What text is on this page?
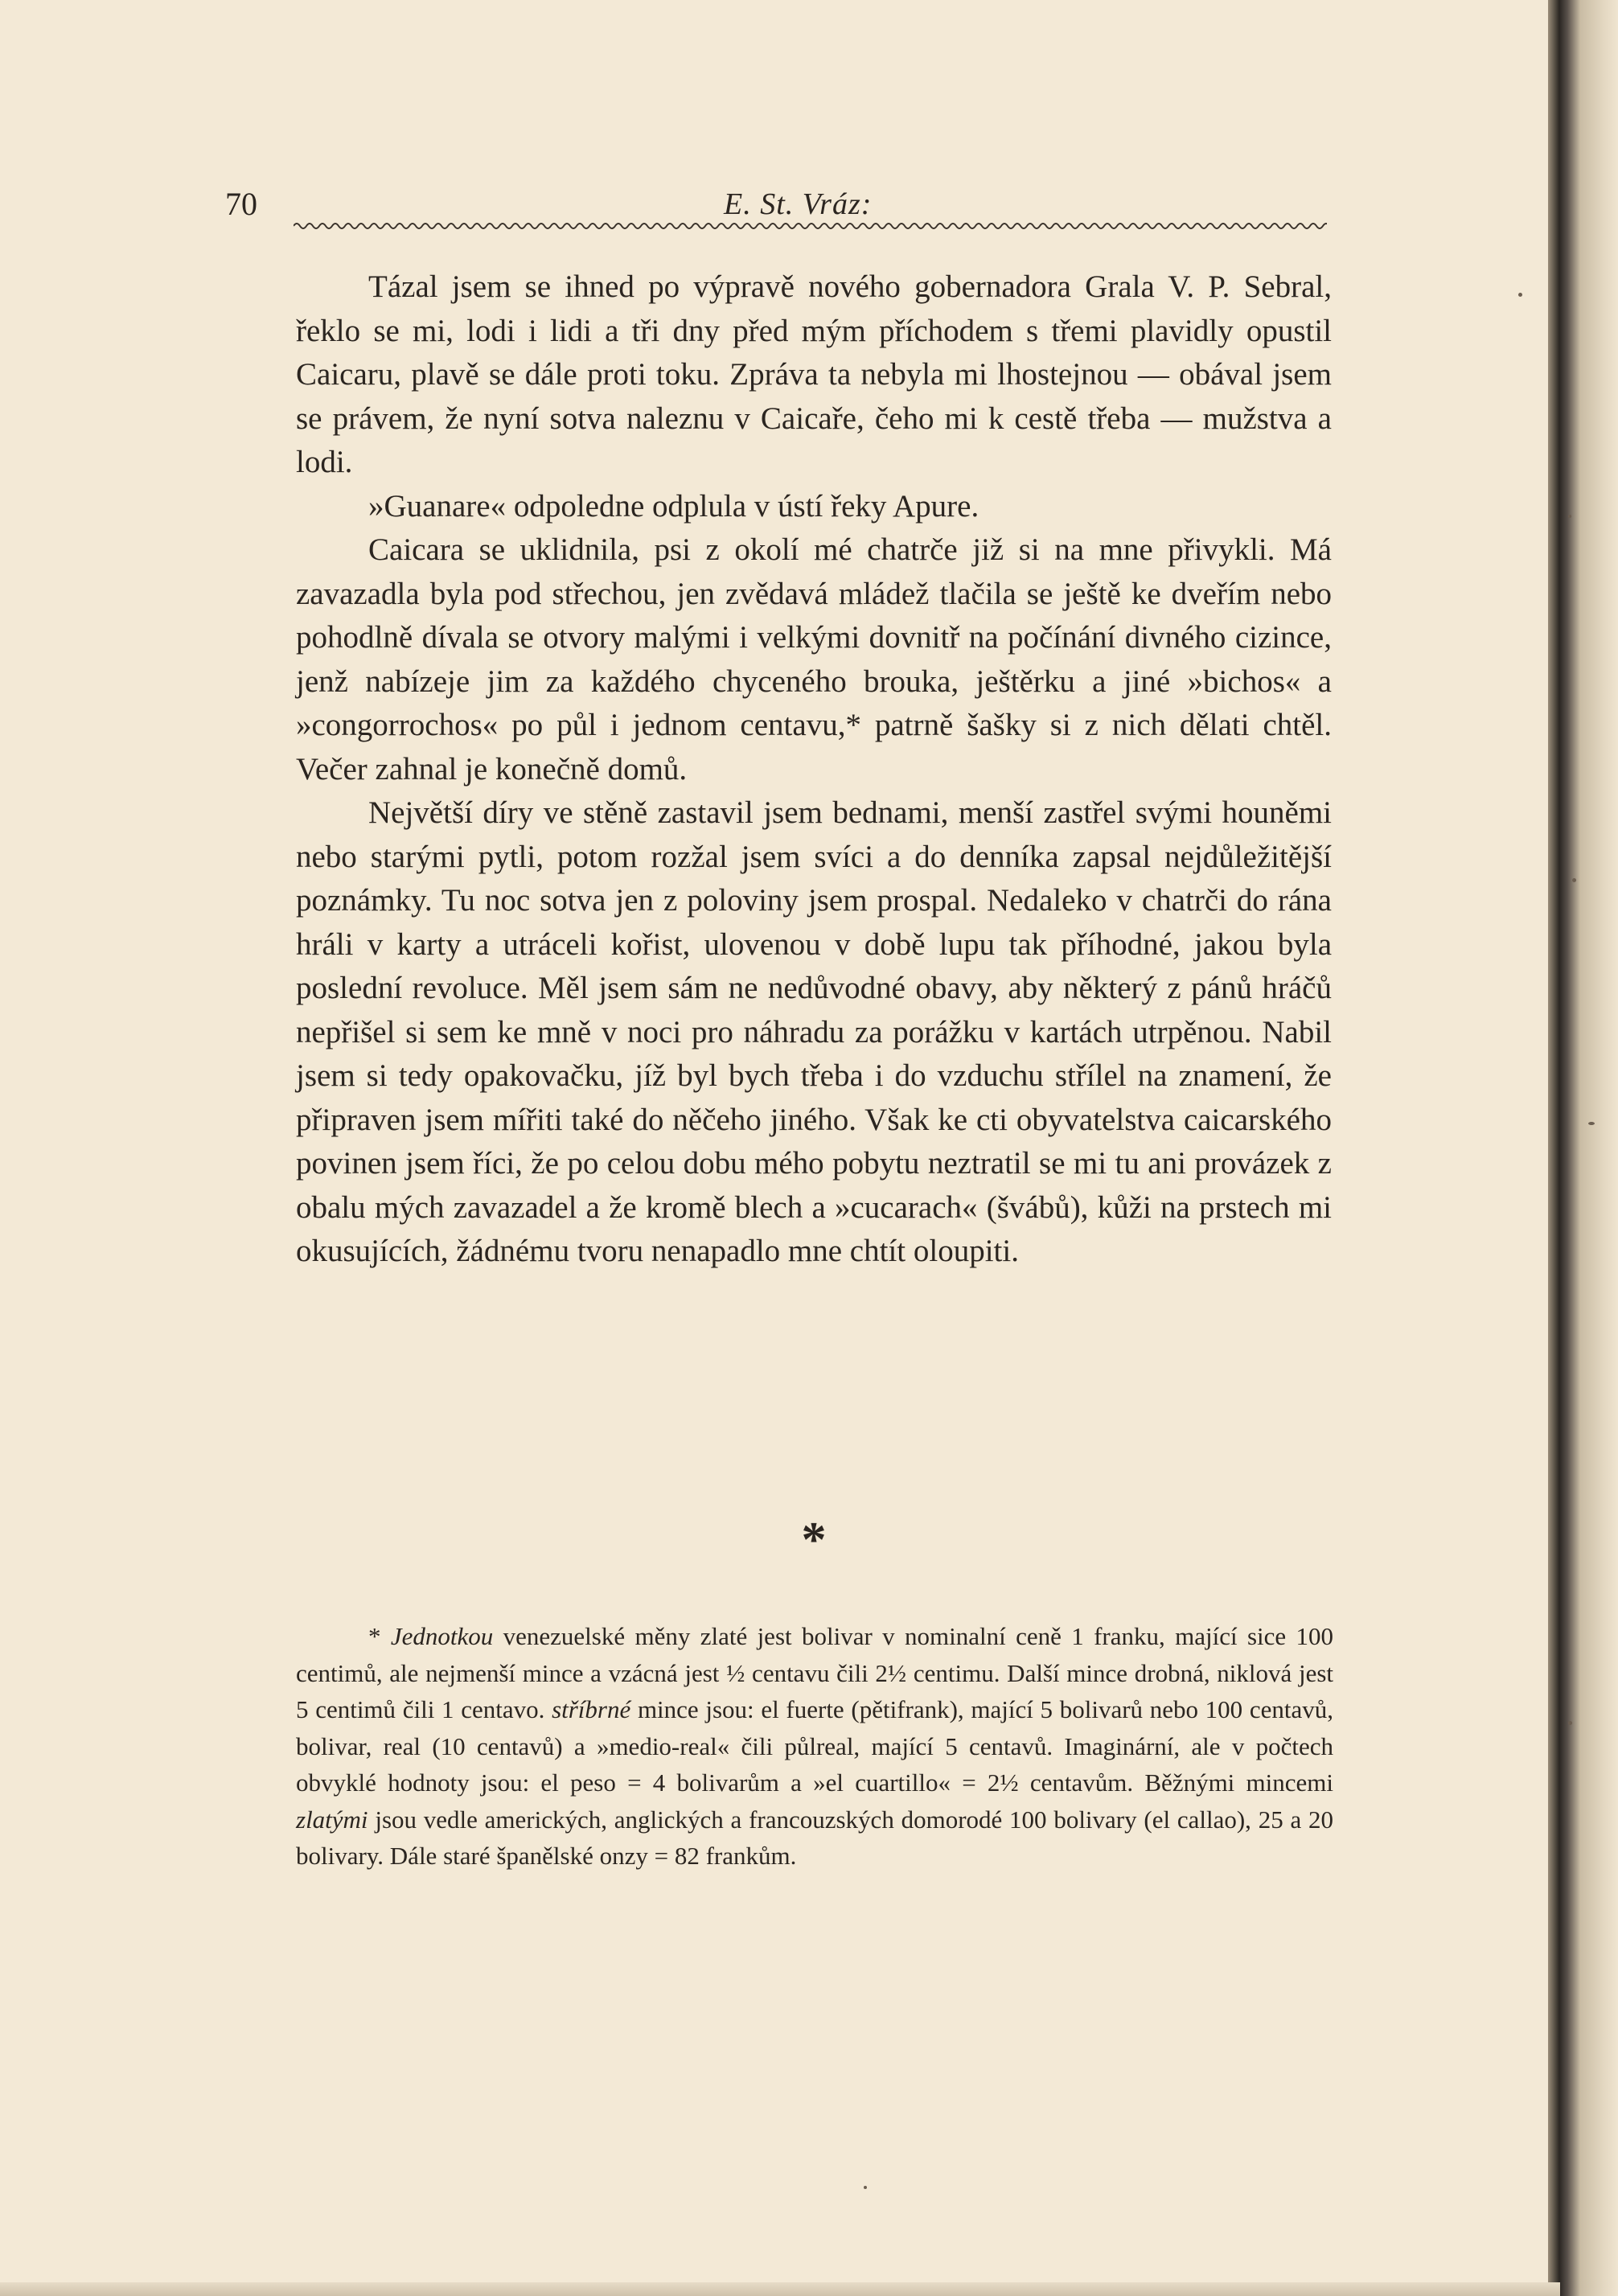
70	E. St. Vráz:

Tázal jsem se ihned po výpravě nového gobernadora Grala V. P. Sebral, řeklo se mi, lodi i lidi a tři dny před mým příchodem s třemi plavidly opustil Caicaru, plavě se dále proti toku. Zpráva ta nebyla mi lhostejnou — obával jsem se právem, že nyní sotva naleznu v Caicaře, čeho mi k cestě třeba — mužstva a lodi.

»Guanare« odpoledne odplula v ústí řeky Apure.

Caicara se uklidnila, psi z okolí mé chatrče již si na mne přivykli. Má zavazadla byla pod střechou, jen zvědavá mládež tlačila se ještě ke dveřím nebo pohodlně dívala se otvory malými i velkými dovnitř na počínání divného cizince, jenž nabízeje jim za každého chyceného brouka, ještěrku a jiné »bichos« a »congorrochos« po půl i jednom centavu,* patrně šašky si z nich dělati chtěl. Večer zahnal je konečně domů.

Největší díry ve stěně zastavil jsem bednami, menší zastřel svými houněmi nebo starými pytli, potom rozžal jsem svíci a do denníka zapsal nejdůležitější poznámky. Tu noc sotva jen z poloviny jsem prospal. Nedaleko v chatrči do rána hráli v karty a utráceli kořist, ulovenou v době lupu tak příhodné, jakou byla poslední revoluce. Měl jsem sám ne nedůvodné obavy, aby některý z pánů hráčů nepřišel si sem ke mně v noci pro náhradu za porážku v kartách utrpěnou. Nabil jsem si tedy opakovačku, jíž byl bych třeba i do vzduchu střílel na znamení, že připraven jsem mířiti také do něčeho jiného. Však ke cti obyvatelstva caicarského povinen jsem říci, že po celou dobu mého pobytu neztratil se mi tu ani provázek z obalu mých zavazadel a že kromě blech a »cucarach« (švábů), kůži na prstech mi okusujících, žádnému tvoru nenapadlo mne chtít oloupiti.

*

* Jednotkou venezuelské měny zlaté jest bolivar v nominalní ceně 1 franku, mající sice 100 centimů, ale nejmenší mince a vzácná jest ½ centavu čili 2½ centimu. Další mince drobná, niklová jest 5 centimů čili 1 centavo. stříbrné mince jsou: el fuerte (pětifrank), mající 5 bolivarů nebo 100 centavů, bolivar, real (10 centavů) a »medio-real« čili půlreal, mající 5 centavů. Imaginární, ale v počtech obvyklé hodnoty jsou: el peso = 4 bolivarům a »el cuartillo« = 2½ centavům. Běžnými mincemi zlatými jsou vedle amerických, anglických a francouzských domorodé 100 bolivary (el callao), 25 a 20 bolivary. Dále staré španělské onzy = 82 frankům.
